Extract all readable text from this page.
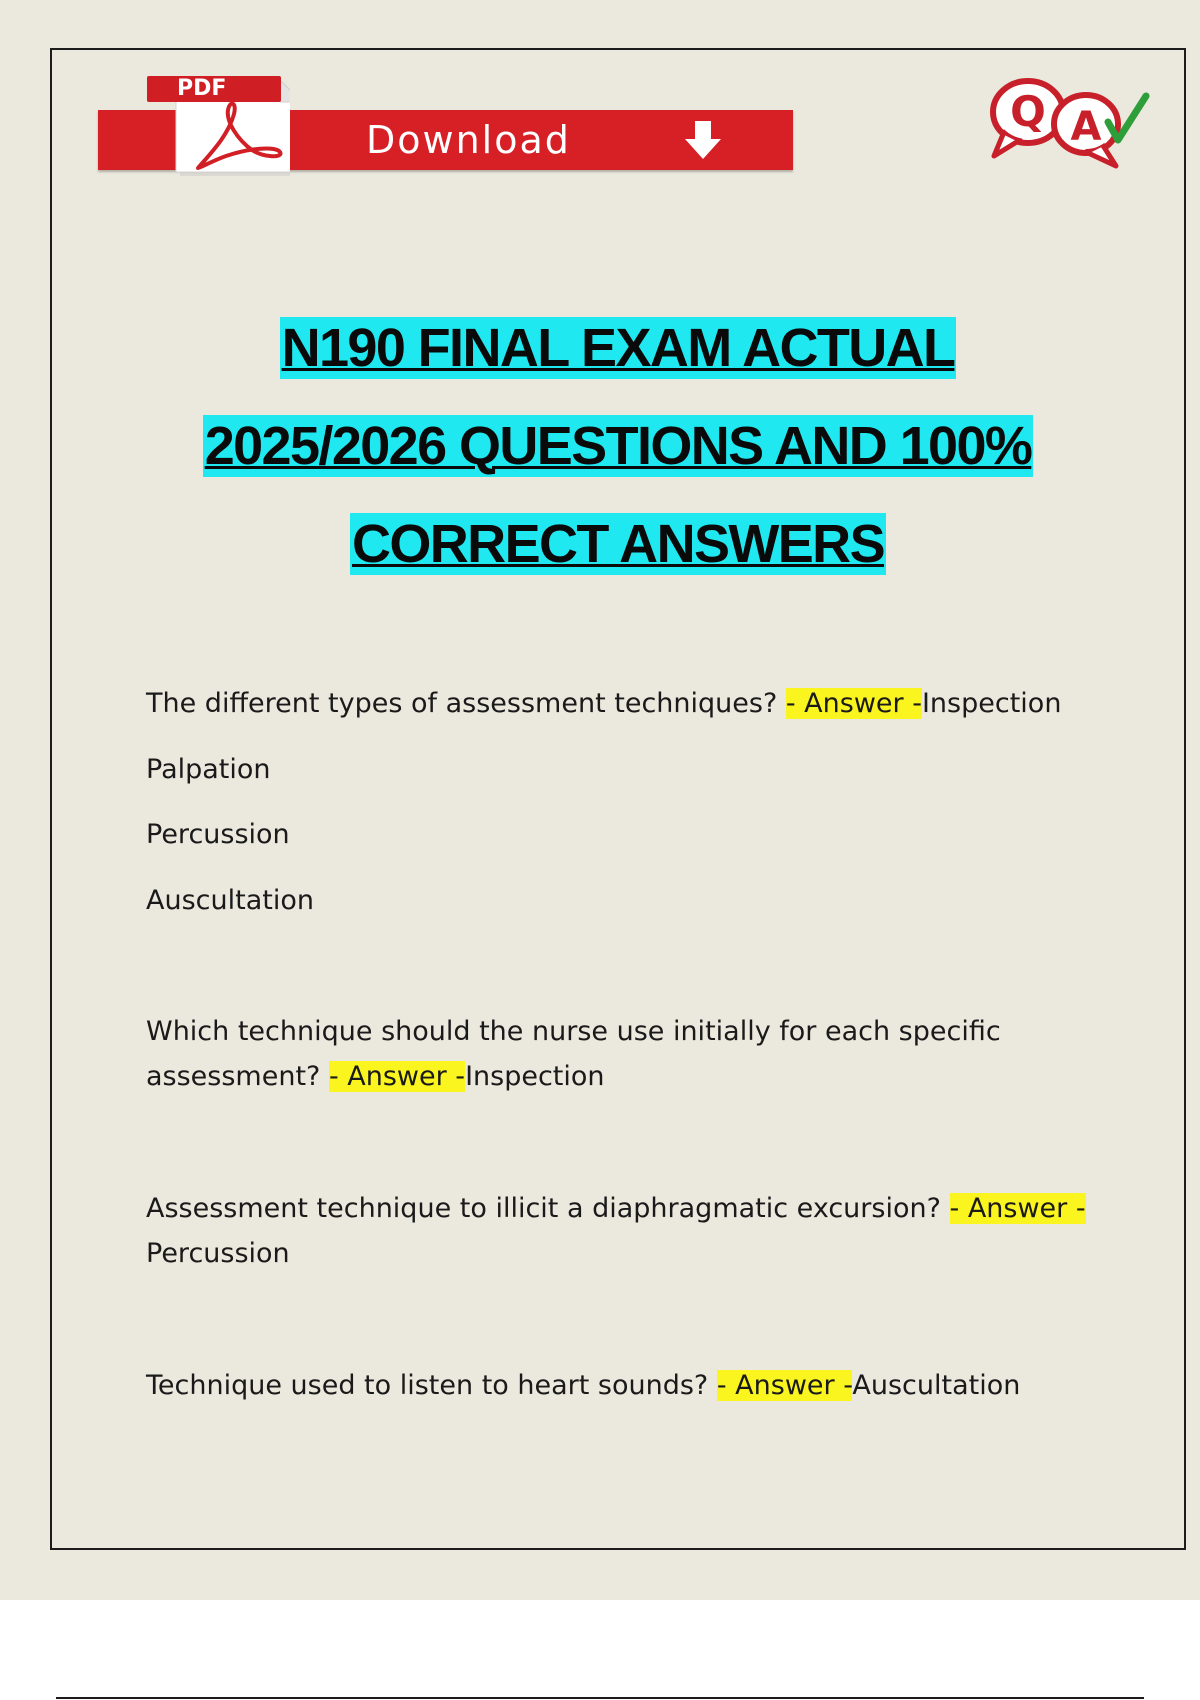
Download
PDF	Q A
N190 FINAL EXAM ACTUAL
2025/2026 QUESTIONS AND 100%
CORRECT ANSWERS
The different types of assessment techniques? - Answer -Inspection
Palpation
Percussion
Auscultation
Which technique should the nurse use initially for each specific
assessment? - Answer -Inspection
Assessment technique to illicit a diaphragmatic excursion? - Answer -
Percussion
Technique used to listen to heart sounds? - Answer -Auscultation
